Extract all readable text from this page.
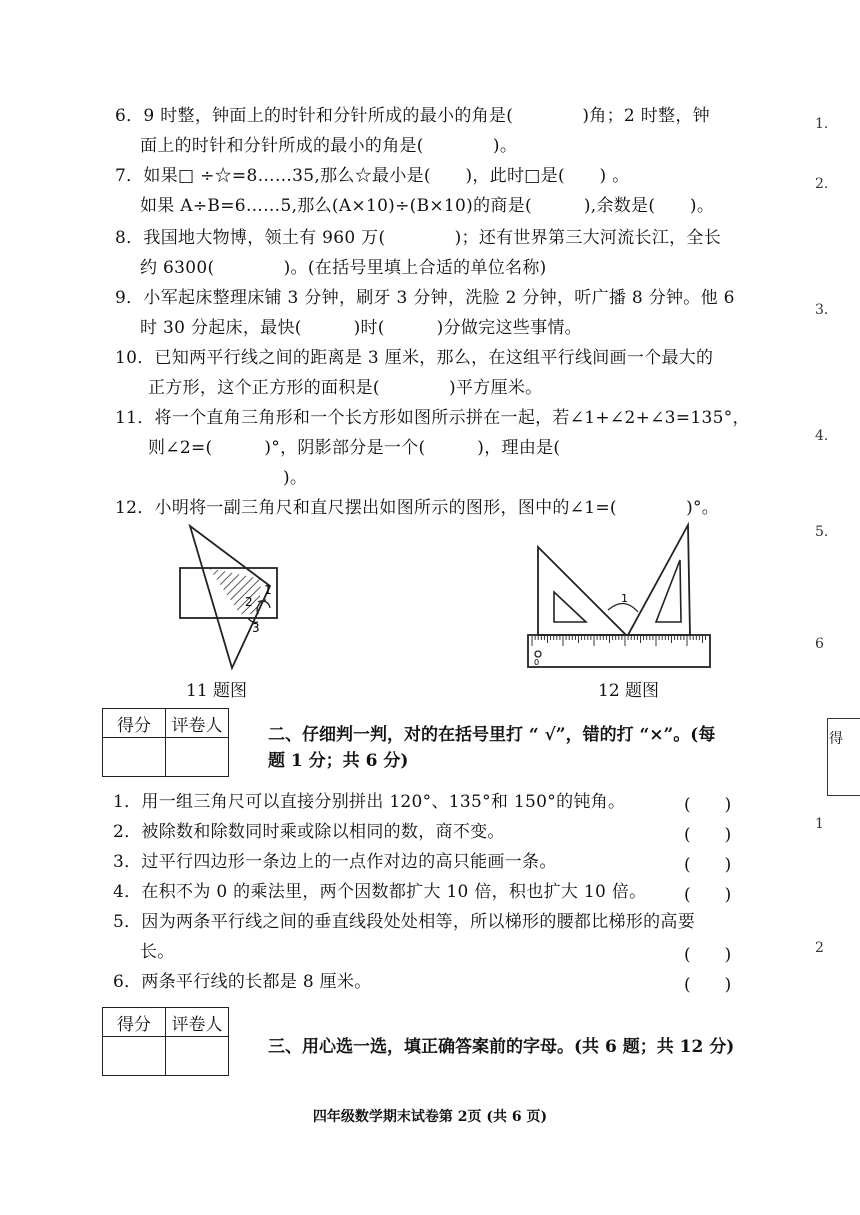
6．9 时整，钟面上的时针和分针所成的最小的角是(　　　　)角；2 时整，钟
面上的时针和分针所成的最小的角是(　　　　)。
7．如果□ ÷☆=8……35,那么☆最小是(　　)，此时□是(　　) 。
如果 A÷B=6……5,那么(A×10)÷(B×10)的商是(　　　),余数是(　　)。
8．我国地大物博，领土有 960 万(　　　　)；还有世界第三大河流长江，全长
约 6300(　　　　)。(在括号里填上合适的单位名称)
9．小军起床整理床铺 3 分钟，刷牙 3 分钟，洗脸 2 分钟，听广播 8 分钟。他 6
时 30 分起床，最快(　　　)时(　　　)分做完这些事情。
10．已知两平行线之间的距离是 3 厘米，那么，在这组平行线间画一个最大的
正方形，这个正方形的面积是(　　　　)平方厘米。
11．将一个直角三角形和一个长方形如图所示拼在一起，若∠1+∠2+∠3=135°，
则∠2=(　　　)°，阴影部分是一个(　　　)，理由是(
)。
12．小明将一副三角尺和直尺摆出如图所示的图形，图中的∠1=(　　　　)°。
1
2
3
11 题图
1
0
12 题图
得分	评卷人
		二、仔细判一判，对的在括号里打 “ √”，错的打 “×”。(每
题 1 分；共 6 分)
1．用一组三角尺可以直接分别拼出 120°、135°和 150°的钝角。	(　　)
2．被除数和除数同时乘或除以相同的数，商不变。	(　　)
3．过平行四边形一条边上的一点作对边的高只能画一条。	(　　)
4．在积不为 0 的乘法里，两个因数都扩大 10 倍，积也扩大 10 倍。 (　　)
5．因为两条平行线之间的垂直线段处处相等，所以梯形的腰都比梯形的高要
长。	(　　)
6．两条平行线的长都是 8 厘米。	(　　)
得分	评卷人

三、用心选一选，填正确答案前的字母。(共 6 题；共 12 分)
四年级数学期末试卷第 2页 (共 6 页)
1.
2.
3.
4.
5.
6
1
2
得
